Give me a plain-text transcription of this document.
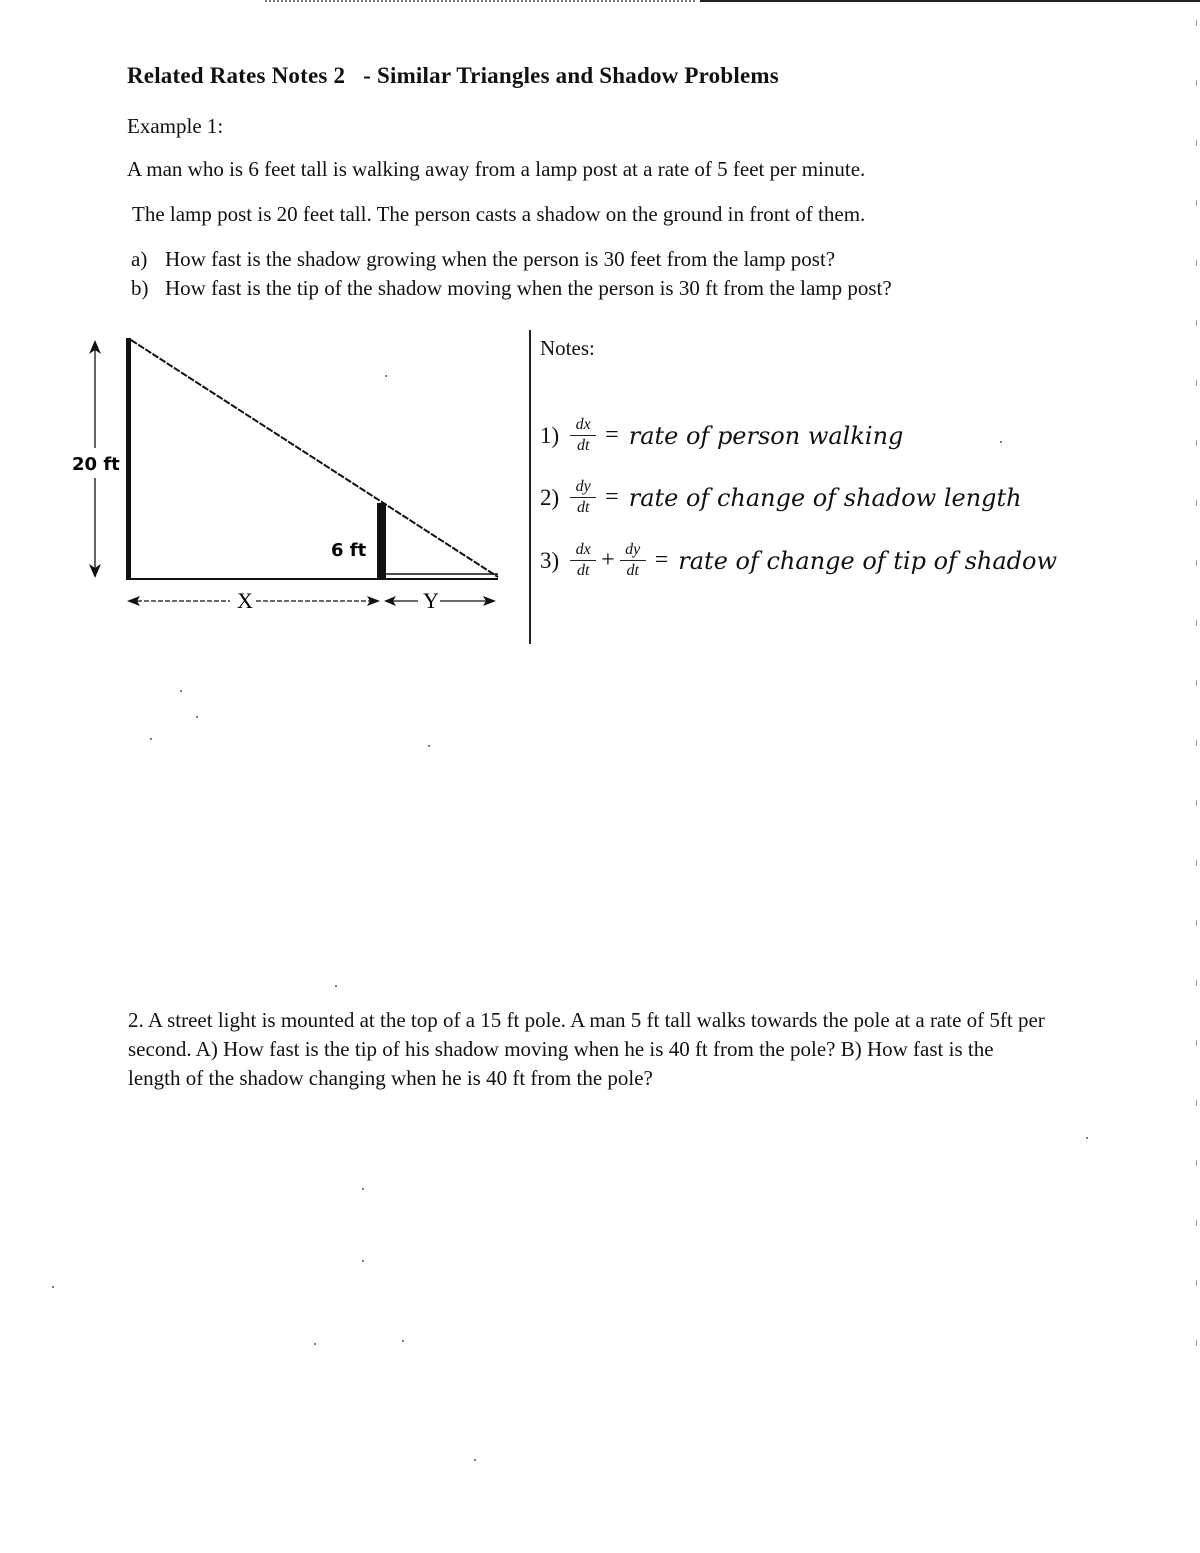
Related Rates Notes 2 - Similar Triangles and Shadow Problems
Example 1:
A man who is 6 feet tall is walking away from a lamp post at a rate of 5 feet per minute.
The lamp post is 20 feet tall. The person casts a shadow on the ground in front of them.
a) How fast is the shadow growing when the person is 30 feet from the lamp post?
b) How fast is the tip of the shadow moving when the person is 30 ft from the lamp post?
20 ft
6 ft
X	Y
Notes:
$1) \frac{dx}{dt}$ = rate of person walking
$2) \frac{dy}{dt}$ = rate of change of shadow length
$3) \frac{dx}{dt} + \frac{dy}{dt}$ = rate of change of tip of shadow
2. A street light is mounted at the top of a 15 ft pole. A man 5 ft tall walks towards the pole at a rate of 5ft per second. A) How fast is the tip of his shadow moving when he is 40 ft from the pole? B) How fast is the length of the shadow changing when he is 40 ft from the pole?
